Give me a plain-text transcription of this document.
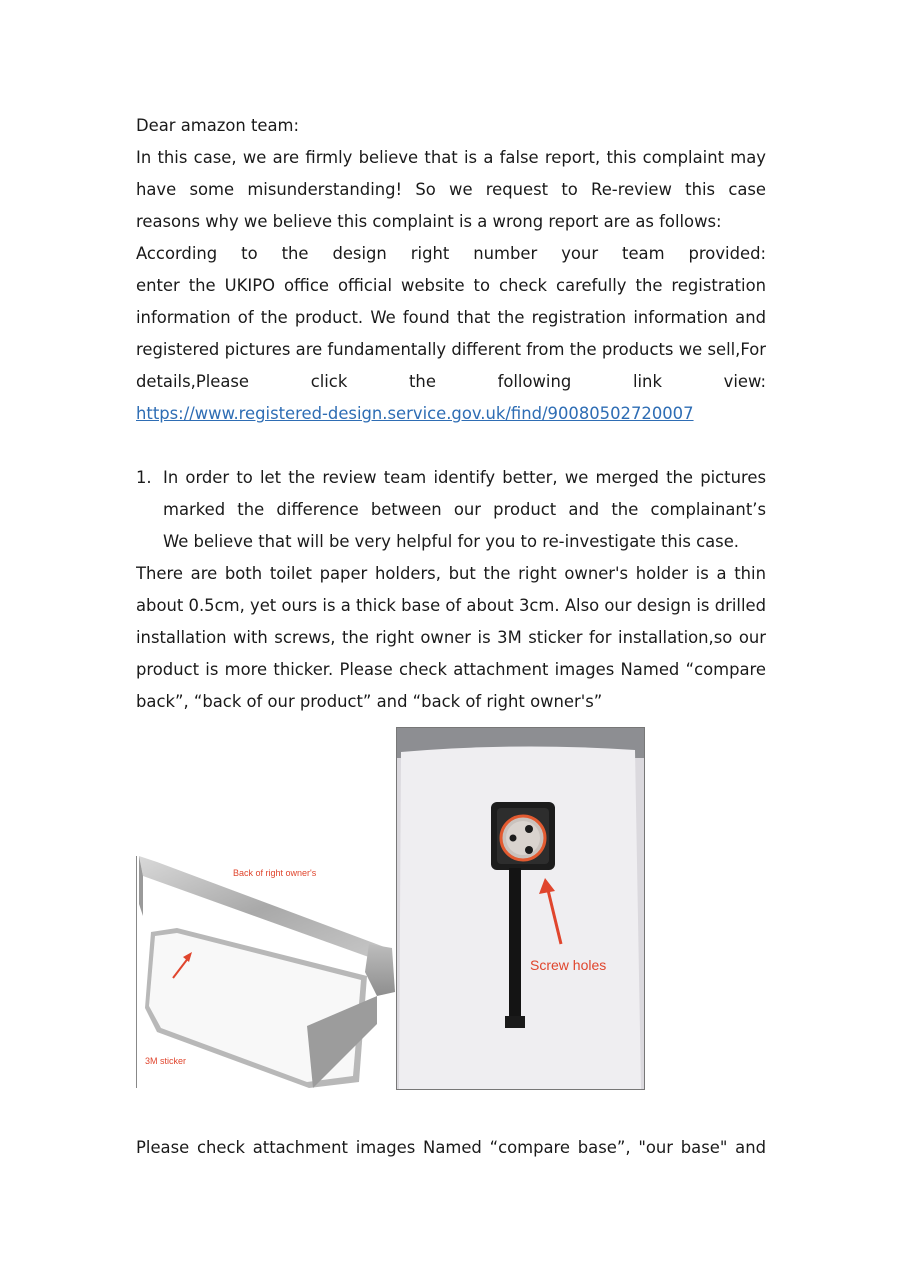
Dear amazon team:
In this case, we are firmly believe that is a false report, this complaint may
have some misunderstanding! So we request to Re-review this case
reasons why we believe this complaint is a wrong report are as follows:
According to the design right number your team provided:
enter the UKIPO office official website to check carefully the registration
information of the product. We found that the registration information and
registered pictures are fundamentally different from the products we sell,For
details,Please click the following link view:
https://www.registered-design.service.gov.uk/find/90080502720007
1. In order to let the review team identify better, we merged the pictures
marked the difference between our product and the complainant’s
We believe that will be very helpful for you to re-investigate this case.
There are both toilet paper holders, but the right owner's holder is a thin
about 0.5cm, yet ours is a thick base of about 3cm. Also our design is drilled
installation with screws, the right owner is 3M sticker for installation,so our
product is more thicker. Please check attachment images Named “compare
back”, “back of our product” and “back of right owner's”
Back of right owner's
3M sticker
Screw holes
Please check attachment images Named “compare base”, "our base" and
